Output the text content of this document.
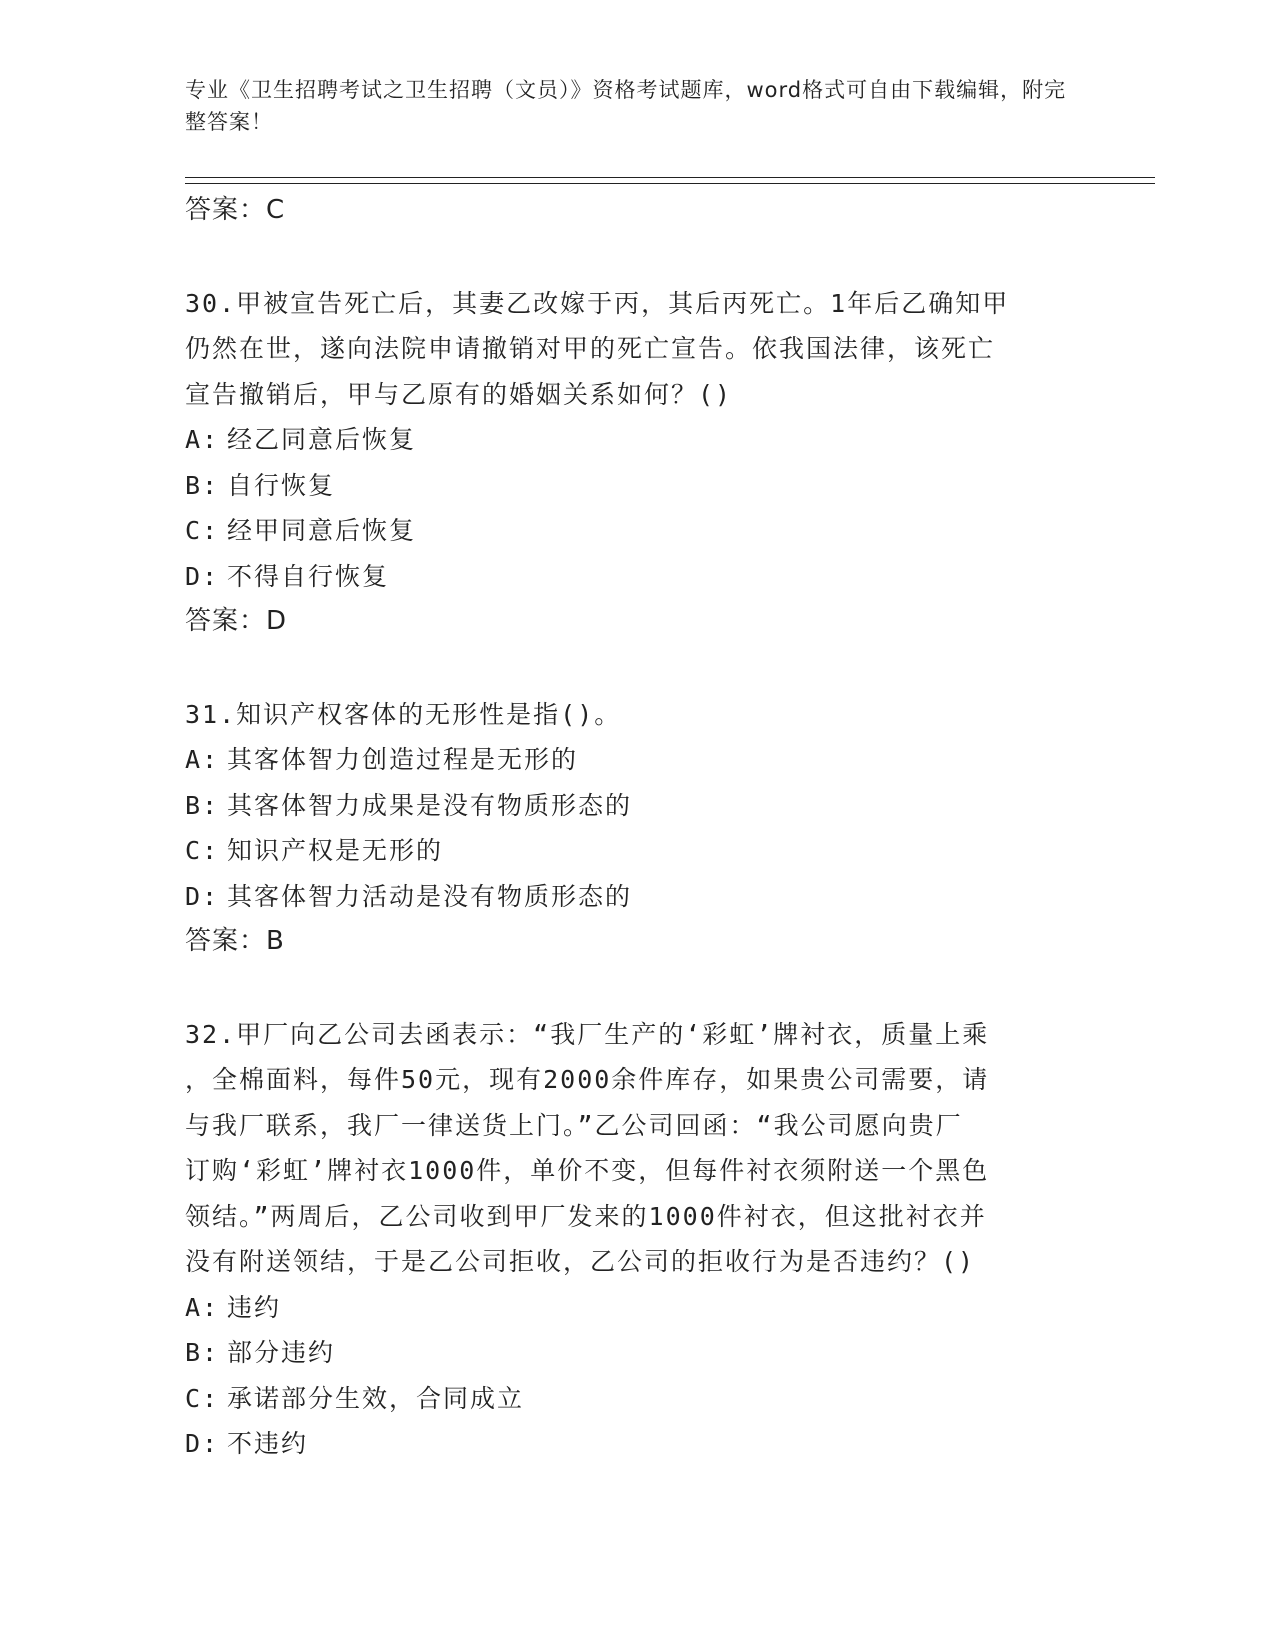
专业《卫生招聘考试之卫生招聘（文员）》资格考试题库，word格式可自由下载编辑，附完整答案！
答案：C
30.甲被宣告死亡后，其妻乙改嫁于丙，其后丙死亡。1年后乙确知甲
仍然在世，遂向法院申请撤销对甲的死亡宣告。依我国法律，该死亡
宣告撤销后，甲与乙原有的婚姻关系如何？()
A: 经乙同意后恢复
B: 自行恢复
C: 经甲同意后恢复
D: 不得自行恢复
答案：D
31.知识产权客体的无形性是指()。
A: 其客体智力创造过程是无形的
B: 其客体智力成果是没有物质形态的
C: 知识产权是无形的
D: 其客体智力活动是没有物质形态的
答案：B
32.甲厂向乙公司去函表示：“我厂生产的‘彩虹’牌衬衣，质量上乘
，全棉面料，每件50元，现有2000余件库存，如果贵公司需要，请
与我厂联系，我厂一律送货上门。”乙公司回函：“我公司愿向贵厂
订购‘彩虹’牌衬衣1000件，单价不变，但每件衬衣须附送一个黑色
领结。”两周后，乙公司收到甲厂发来的1000件衬衣，但这批衬衣并
没有附送领结，于是乙公司拒收，乙公司的拒收行为是否违约？()
A: 违约
B: 部分违约
C: 承诺部分生效，合同成立
D: 不违约
